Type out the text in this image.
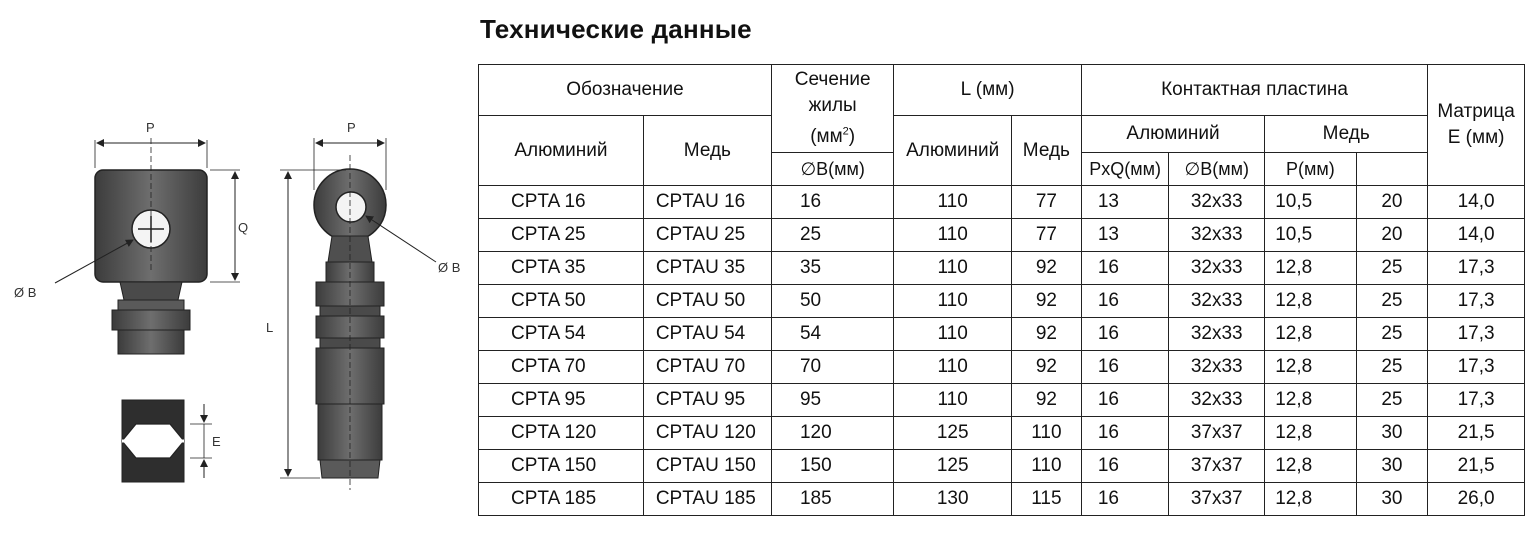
P
Q
Ø B
P
L
Ø B
E
Технические данные
Обозначение		Сечение
жилы
$(мм^2)$	L (мм)		Контактная пластина				Матрица
E (мм)
Алюминий	Медь		Алюминий	Медь	Алюминий		Медь		
		∅B(мм)			PxQ(мм)	∅B(мм)	P(мм)		
CPTA 16	CPTAU 16	16	110	77	13	32x33	10,5	20	14,0
CPTA 25	CPTAU 25	25	110	77	13	32x33	10,5	20	14,0
CPTA 35	CPTAU 35	35	110	92	16	32x33	12,8	25	17,3
CPTA 50	CPTAU 50	50	110	92	16	32x33	12,8	25	17,3
CPTA 54	CPTAU 54	54	110	92	16	32x33	12,8	25	17,3
CPTA 70	CPTAU 70	70	110	92	16	32x33	12,8	25	17,3
CPTA 95	CPTAU 95	95	110	92	16	32x33	12,8	25	17,3
CPTA 120	CPTAU 120	120	125	110	16	37x37	12,8	30	21,5
CPTA 150	CPTAU 150	150	125	110	16	37x37	12,8	30	21,5
CPTA 185	CPTAU 185	185	130	115	16	37x37	12,8	30	26,0
